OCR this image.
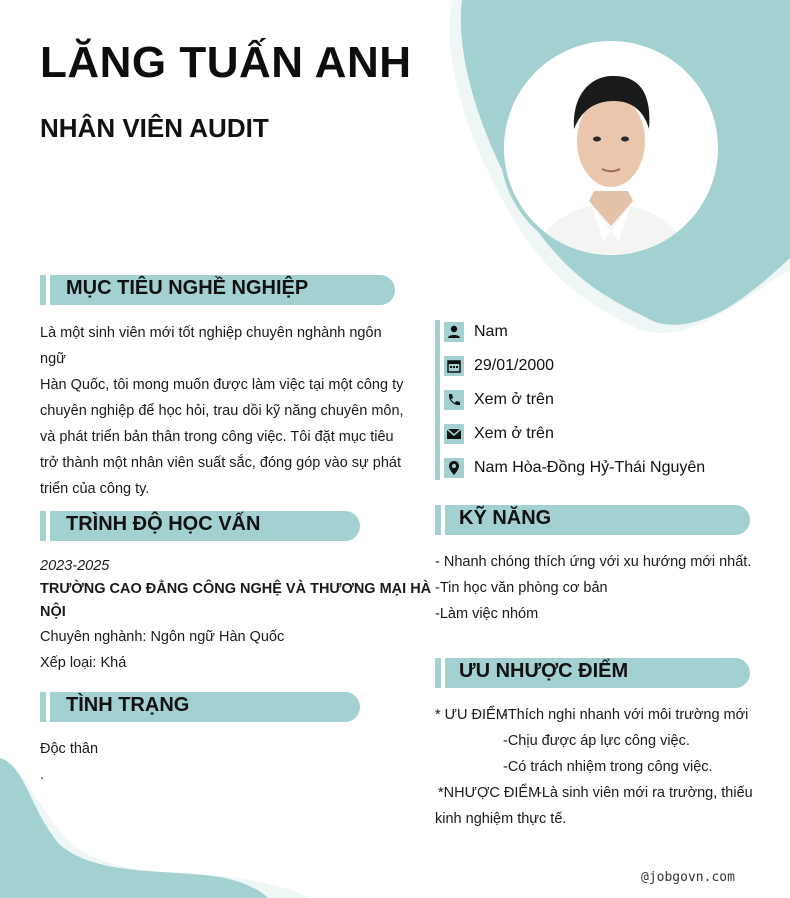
LĂNG TUẤN ANH
NHÂN VIÊN AUDIT
MỤC TIÊU NGHỀ NGHIỆP
Là một sinh viên mới tốt nghiệp chuyên nghành ngôn ngữ
Hàn Quốc, tôi mong muốn được làm việc tại một công ty
chuyên nghiệp để học hỏi, trau dồi kỹ năng chuyên môn,
và phát triển bản thân trong công việc. Tôi đặt mục tiêu
trở thành một nhân viên suất sắc, đóng góp vào sự phát
triển của công ty.
TRÌNH ĐỘ HỌC VẤN
2023-2025
TRƯỜNG CAO ĐẲNG CÔNG NGHỆ VÀ THƯƠNG MẠI HÀ
NỘI
Chuyên nghành: Ngôn ngữ Hàn Quốc
Xếp loại: Khá
TÌNH TRẠNG
Độc thân
.
Nam
29/01/2000
Xem ở trên
Xem ở trên
Nam Hòa-Đồng Hỷ-Thái Nguyên
KỸ NĂNG
- Nhanh chóng thích ứng với xu hướng mới nhất.
-Tin học văn phòng cơ bản
-Làm việc nhóm
ƯU NHƯỢC ĐIỂM
* ƯU ĐIỂM
-Thích nghi nhanh với môi trường mới
-Chịu được áp lực công việc.
-Có trách nhiệm trong công việc.
*NHƯỢC ĐIỂM
-Là sinh viên mới ra trường, thiếu
kinh nghiệm thực tế.
@jobgovn.com
